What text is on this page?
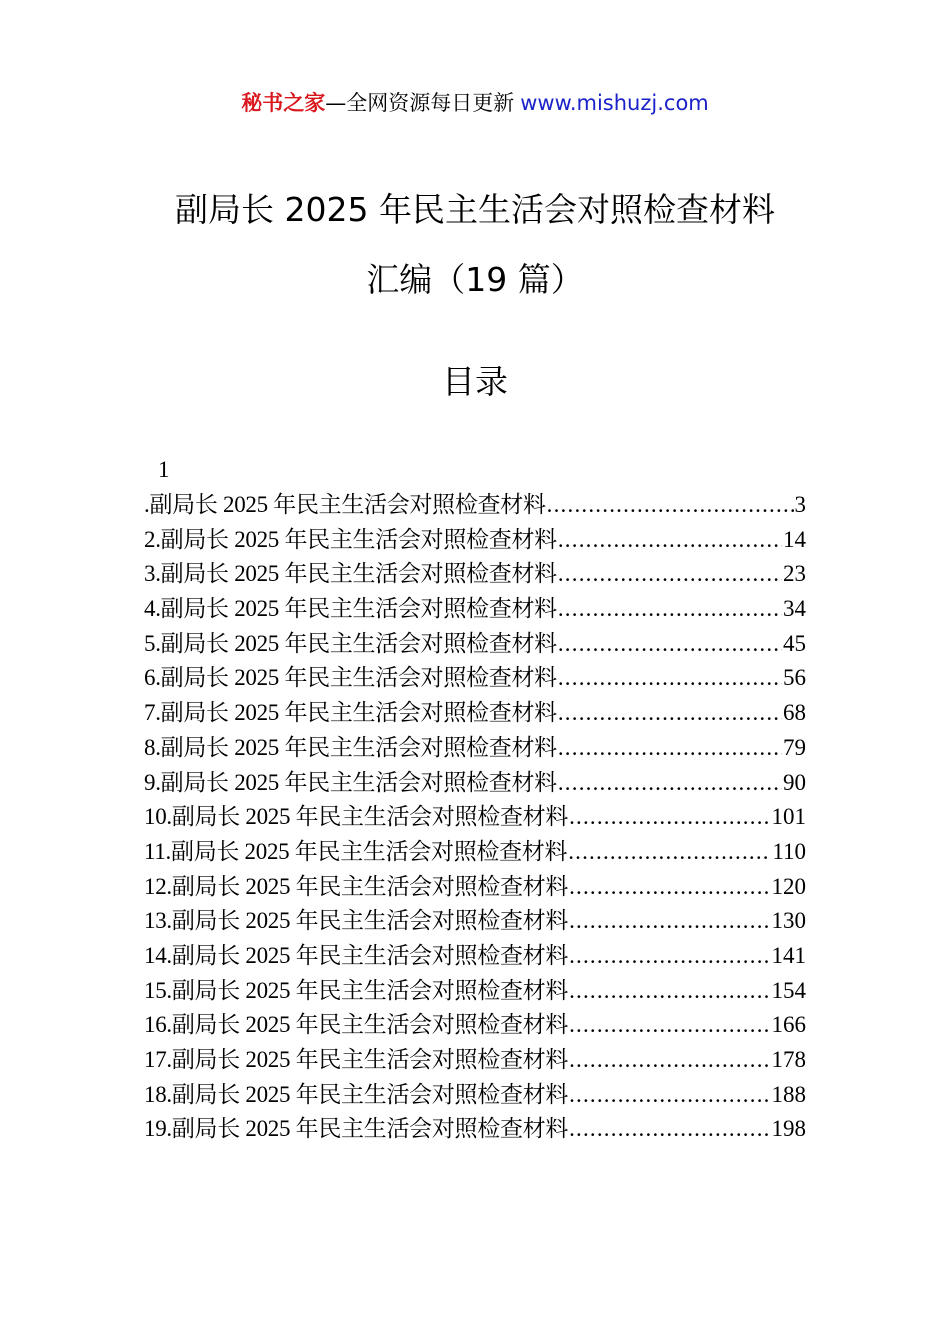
秘书之家—全网资源每日更新 www.mishuzj.com
副局长 2025 年民主生活会对照检查材料
汇编（19 篇）
目录
1
.副局长 2025 年民主生活会对照检查材料 .....	3
2.副局长 2025 年民主生活会对照检查材料 .....	14
3.副局长 2025 年民主生活会对照检查材料 .....	23
4.副局长 2025 年民主生活会对照检查材料 .....	34
5.副局长 2025 年民主生活会对照检查材料 .....	45
6.副局长 2025 年民主生活会对照检查材料 .....	56
7.副局长 2025 年民主生活会对照检查材料 .....	68
8.副局长 2025 年民主生活会对照检查材料 .....	79
9.副局长 2025 年民主生活会对照检查材料 .....	90
10.副局长 2025 年民主生活会对照检查材料 .....	101
11.副局长 2025 年民主生活会对照检查材料 .....	110
12.副局长 2025 年民主生活会对照检查材料 .....	120
13.副局长 2025 年民主生活会对照检查材料 .....	130
14.副局长 2025 年民主生活会对照检查材料 .....	141
15.副局长 2025 年民主生活会对照检查材料 .....	154
16.副局长 2025 年民主生活会对照检查材料 .....	166
17.副局长 2025 年民主生活会对照检查材料 .....	178
18.副局长 2025 年民主生活会对照检查材料 .....	188
19.副局长 2025 年民主生活会对照检查材料 .....	198
